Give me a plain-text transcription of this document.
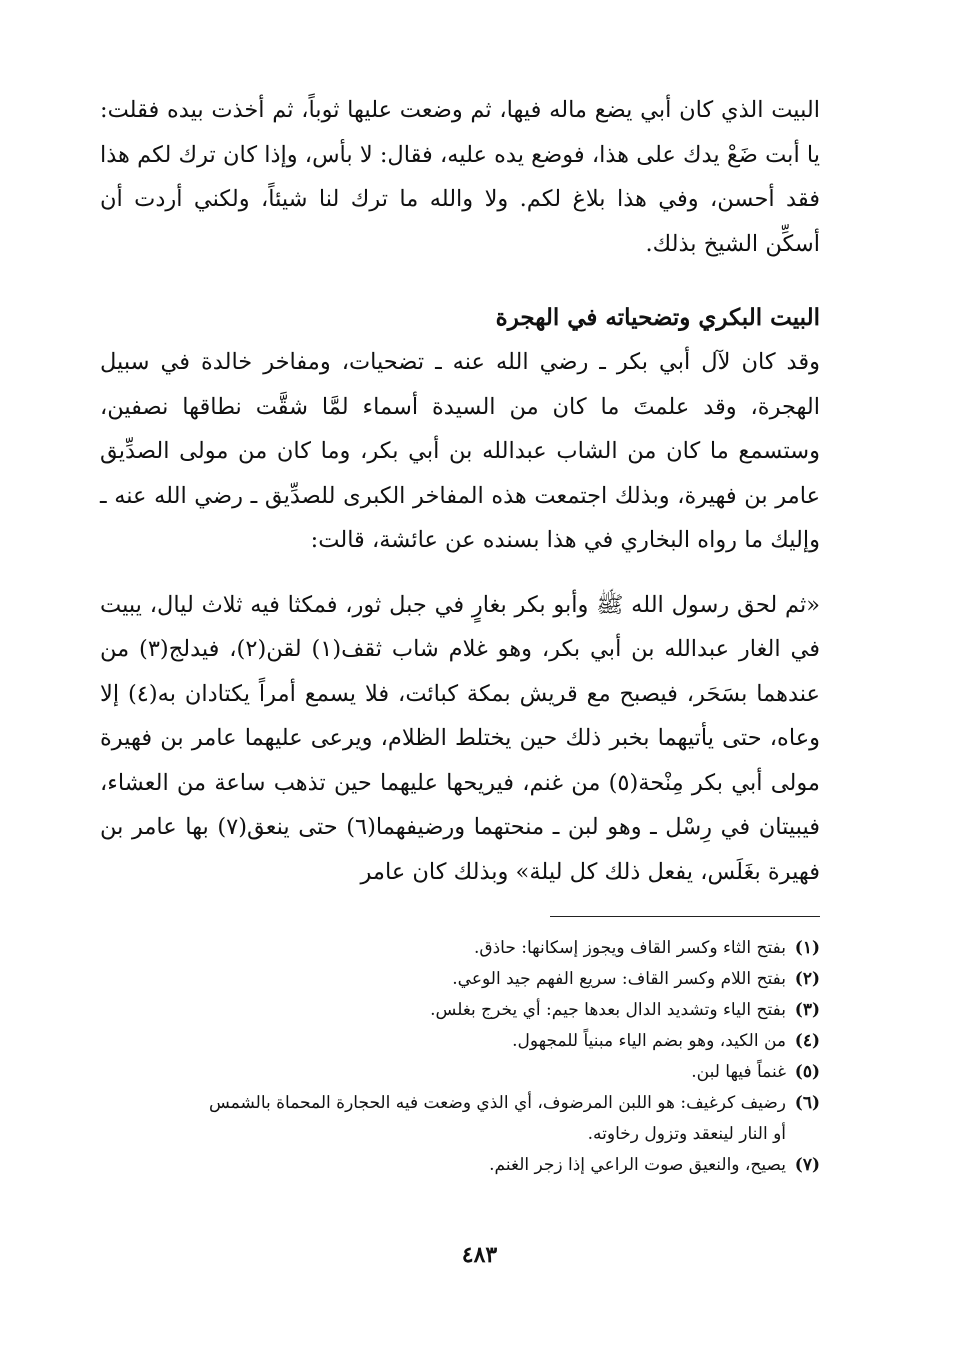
البيت الذي كان أبي يضع ماله فيها، ثم وضعت عليها ثوباً، ثم أخذت بيده فقلت: يا أبت ضَعْ يدك على هذا، فوضع يده عليه، فقال: لا بأس، وإذا كان ترك لكم هذا فقد أحسن، وفي هذا بلاغ لكم. ولا والله ما ترك لنا شيئاً، ولكني أردت أن أسكِّن الشيخ بذلك.

البيت البكري وتضحياته في الهجرة

وقد كان لآل أبي بكر ـ رضي الله عنه ـ تضحيات، ومفاخر خالدة في سبيل الهجرة، وقد علمتَ ما كان من السيدة أسماء لمَّا شقَّت نطاقها نصفين، وستسمع ما كان من الشاب عبدالله بن أبي بكر، وما كان من مولى الصدِّيق عامر بن فهيرة، وبذلك اجتمعت هذه المفاخر الكبرى للصدِّيق ـ رضي الله عنه ـ وإليك ما رواه البخاري في هذا بسنده عن عائشة، قالت:

«ثم لحق رسول الله ﷺ وأبو بكر بغارٍ في جبل ثور، فمكثا فيه ثلاث ليال، يبيت في الغار عبدالله بن أبي بكر، وهو غلام شاب ثقف(١) لقن(٢)، فيدلج(٣) من عندهما بسَحَر، فيصبح مع قريش بمكة كبائت، فلا يسمع أمراً يكتادان به(٤) إلا وعاه، حتى يأتيهما بخبر ذلك حين يختلط الظلام، ويرعى عليهما عامر بن فهيرة مولى أبي بكر مِنْحة(٥) من غنم، فيريحها عليهما حين تذهب ساعة من العشاء، فيبيتان في رِسْل ـ وهو لبن ـ منحتهما ورضيفهما(٦) حتى ينعق(٧) بها عامر بن فهيرة بغَلَس، يفعل ذلك كل ليلة» وبذلك كان عامر

(١)بفتح الثاء وكسر القاف ويجوز إسكانها: حاذق.
(٢)بفتح اللام وكسر القاف: سريع الفهم جيد الوعي.
(٣)بفتح الياء وتشديد الدال بعدها جيم: أي يخرج بغلس.
(٤)من الكيد، وهو بضم الياء مبنياً للمجهول.
(٥)غنماً فيها لبن.
(٦)رضيف كرغيف: هو اللبن المرضوف، أي الذي وضعت فيه الحجارة المحماة بالشمس
أو النار لينعقد وتزول رخاوته.
(٧)يصيح، والنعيق صوت الراعي إذا زجر الغنم.
٤٨٣
